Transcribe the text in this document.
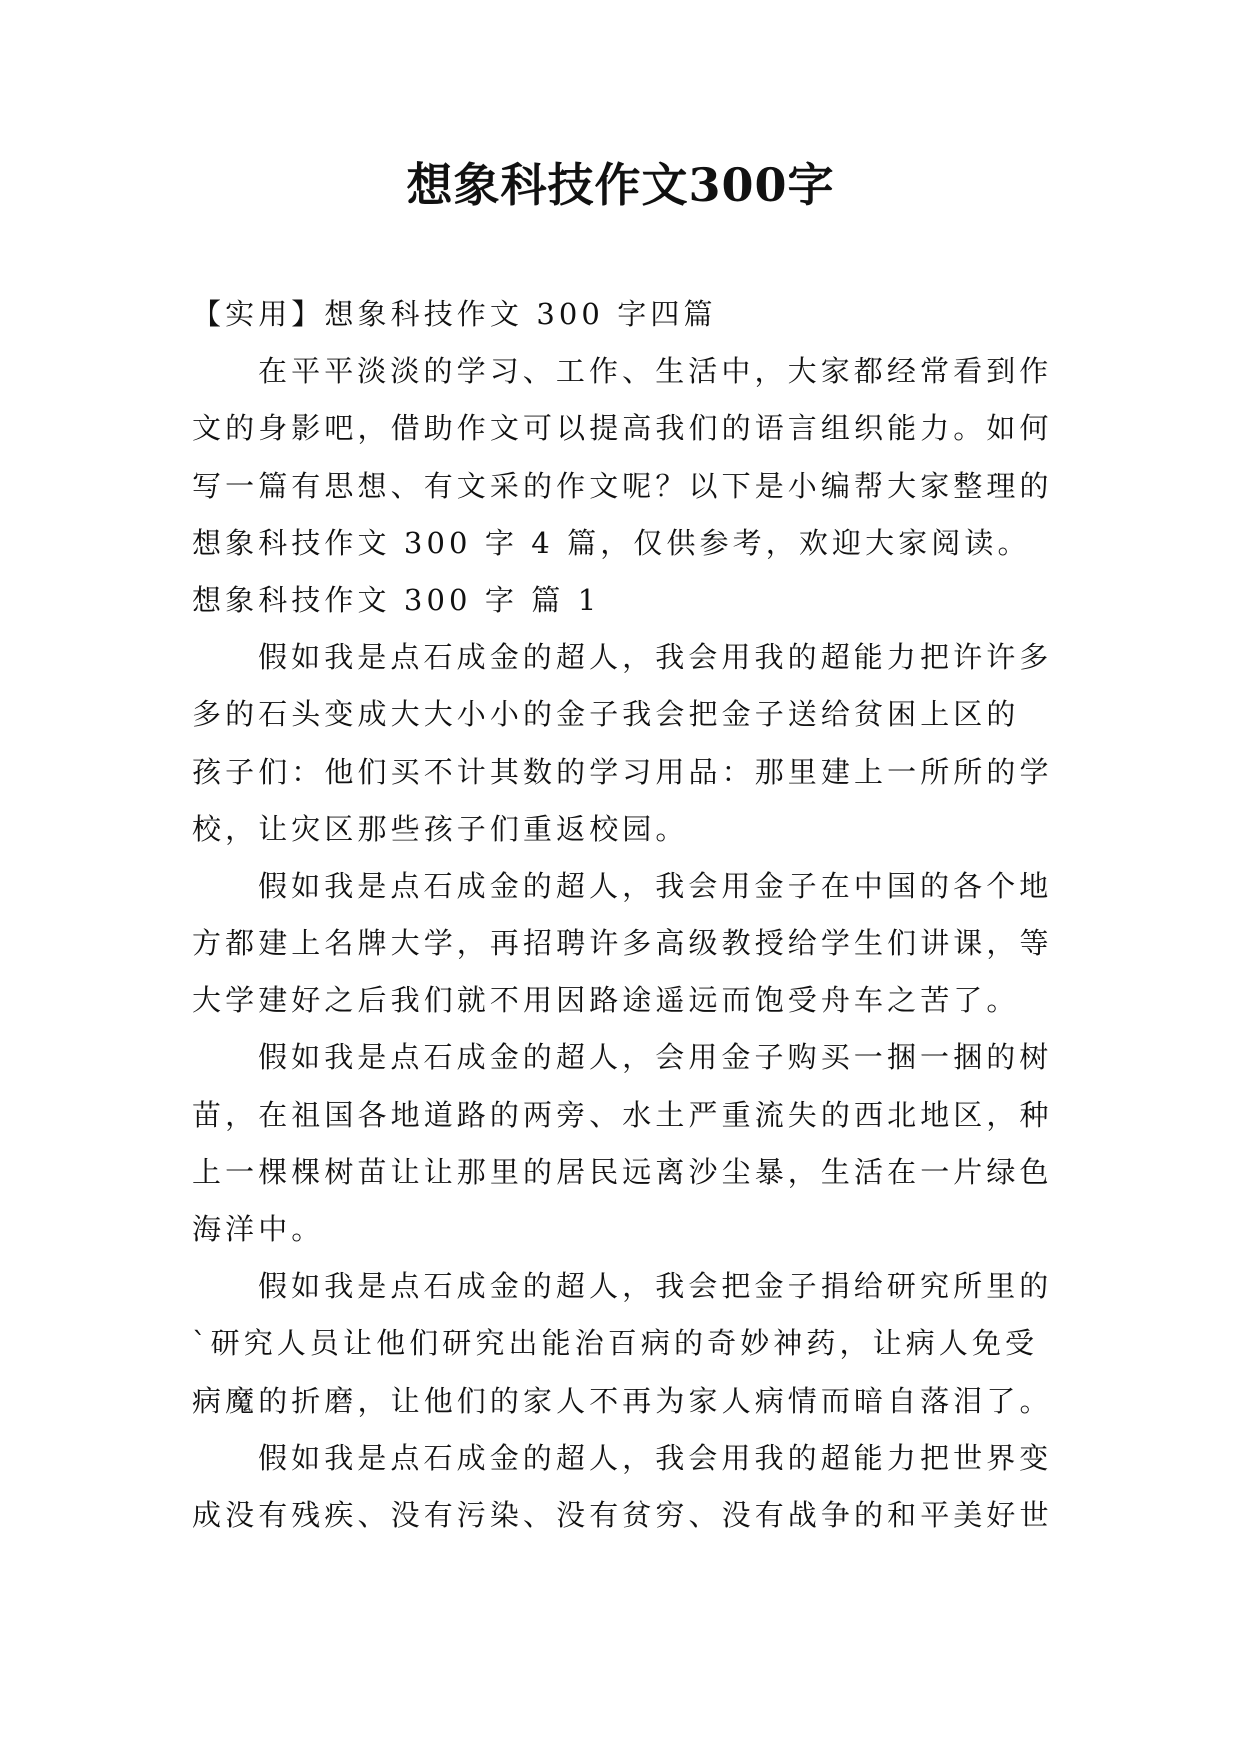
想象科技作文300字
【实用】想象科技作文 300 字四篇
在平平淡淡的学习、工作、生活中，大家都经常看到作
文的身影吧，借助作文可以提高我们的语言组织能力。如何
写一篇有思想、有文采的作文呢？以下是小编帮大家整理的
想象科技作文 300 字 4 篇，仅供参考，欢迎大家阅读。
想象科技作文 300 字 篇 1
假如我是点石成金的超人，我会用我的超能力把许许多
多的石头变成大大小小的金子我会把金子送给贫困上区的
孩子们：他们买不计其数的学习用品：那里建上一所所的学
校，让灾区那些孩子们重返校园。
假如我是点石成金的超人，我会用金子在中国的各个地
方都建上名牌大学，再招聘许多高级教授给学生们讲课，等
大学建好之后我们就不用因路途遥远而饱受舟车之苦了。
假如我是点石成金的超人，会用金子购买一捆一捆的树
苗，在祖国各地道路的两旁、水土严重流失的西北地区，种
上一棵棵树苗让让那里的居民远离沙尘暴，生活在一片绿色
海洋中。
假如我是点石成金的超人，我会把金子捐给研究所里的
`研究人员让他们研究出能治百病的奇妙神药，让病人免受
病魔的折磨，让他们的家人不再为家人病情而暗自落泪了。
假如我是点石成金的超人，我会用我的超能力把世界变
成没有残疾、没有污染、没有贫穷、没有战争的和平美好世
